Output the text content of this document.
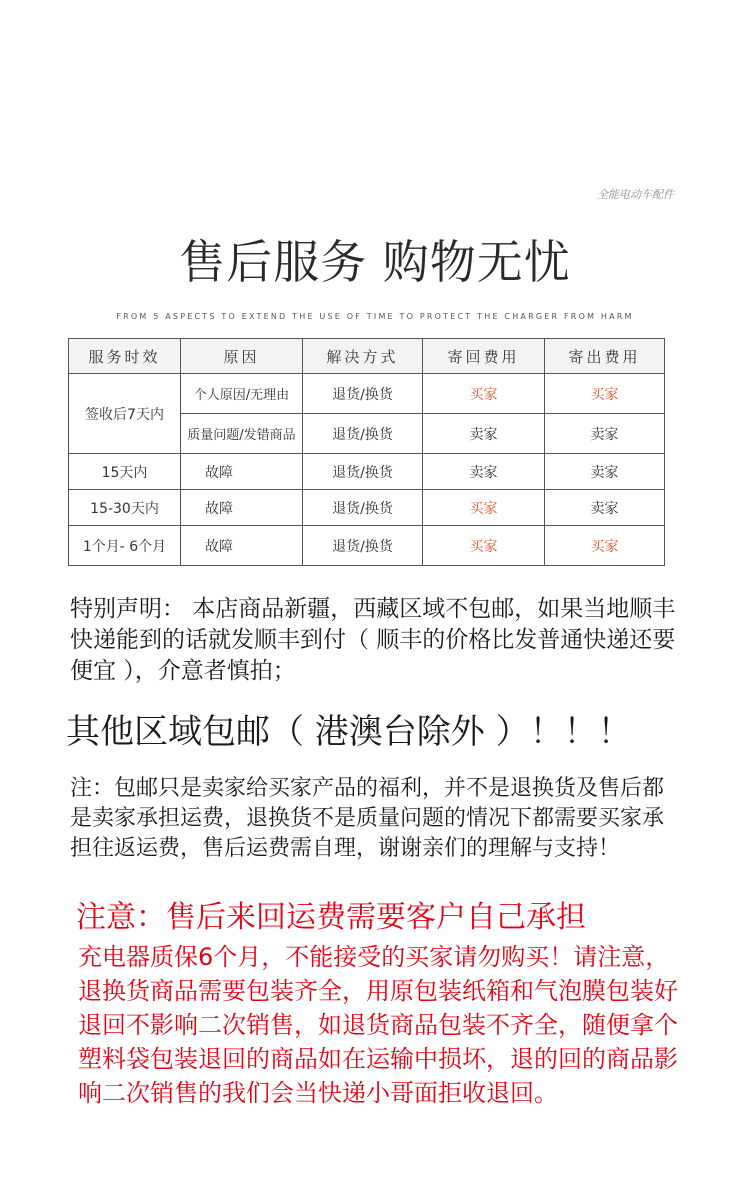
全能电动车配件
售后服务 购物无忧
FROM 5 ASPECTS TO EXTEND THE USE OF TIME TO PROTECT THE CHARGER FROM HARM
服务时效	原因	解决方式	寄回费用	寄出费用
签收后7天内	个人原因/无理由	退货/换货	买家	买家
	质量问题/发错商品	退货/换货	卖家	卖家
15天内	故障	退货/换货	卖家	卖家
15-30天内	故障	退货/换货	买家	卖家
1个月- 6个月	故障	退货/换货	买家	买家

特别声明： 本店商品新疆，西藏区域不包邮，如果当地顺丰快递能到的话就发顺丰到付（ 顺丰的价格比发普通快递还要便宜 ），介意者慎拍；

其他区域包邮（ 港澳台除外 ）！！！

注：包邮只是卖家给买家产品的福利，并不是退换货及售后都是卖家承担运费，退换货不是质量问题的情况下都需要买家承担往返运费，售后运费需自理，谢谢亲们的理解与支持！

注意：售后来回运费需要客户自己承担

充电器质保6个月，不能接受的买家请勿购买！请注意，退换货商品需要包装齐全，用原包装纸箱和气泡膜包装好退回不影响二次销售，如退货商品包装不齐全，随便拿个塑料袋包装退回的商品如在运输中损坏，退的回的商品影响二次销售的我们会当快递小哥面拒收退回。
